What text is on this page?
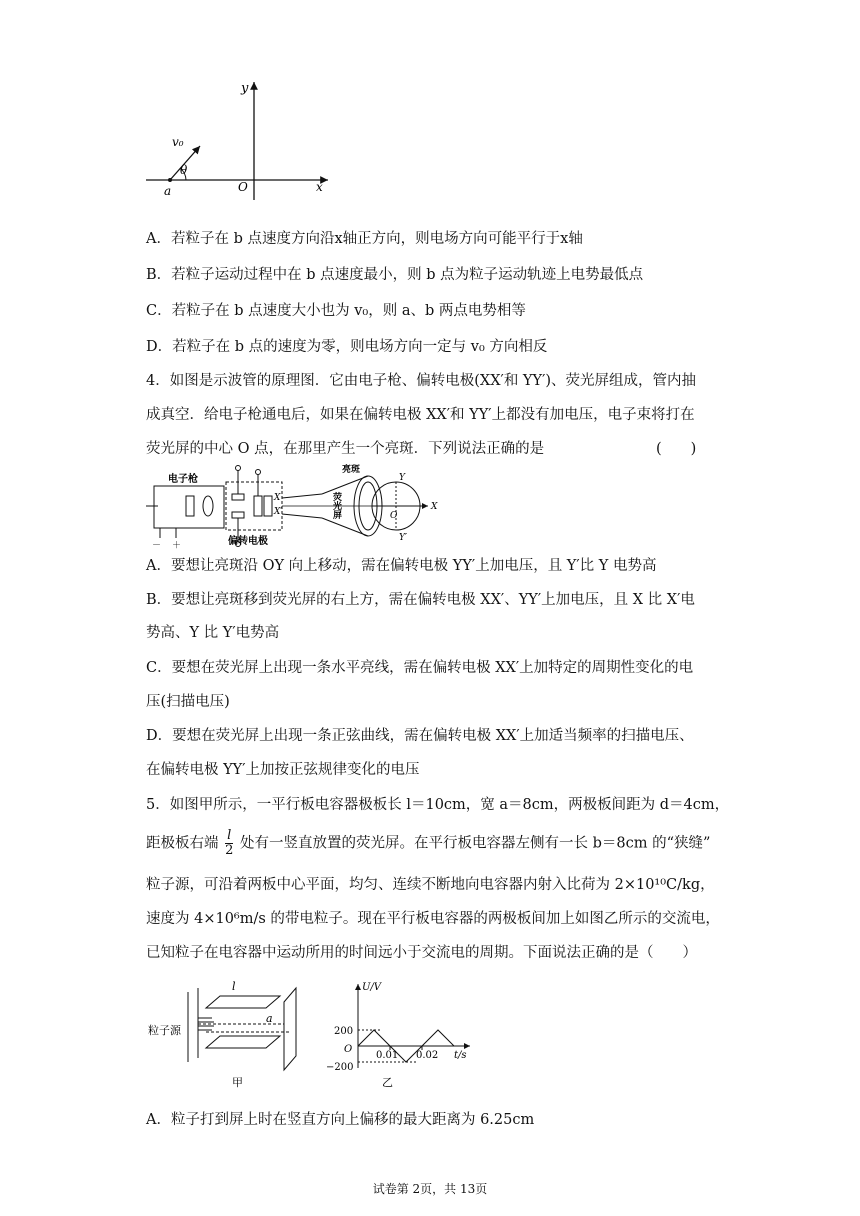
y
x
v₀
θ
a	O
A．若粒子在 b 点速度方向沿x轴正方向，则电场方向可能平行于x轴
B．若粒子运动过程中在 b 点速度最小，则 b 点为粒子运动轨迹上电势最低点
C．若粒子在 b 点速度大小也为 v₀，则 a、b 两点电势相等
D．若粒子在 b 点的速度为零，则电场方向一定与 v₀ 方向相反
4．如图是示波管的原理图．它由电子枪、偏转电极(XX′和 YY′)、荧光屏组成，管内抽
成真空．给电子枪通电后，如果在偏转电极 XX′和 YY′上都没有加电压，电子束将打在
荧光屏的中心 O 点，在那里产生一个亮斑．下列说法正确的是	(　　)
电子枪
－ ＋	偏转电极
X
X′
亮斑
荧光屏
Y
Y′
X
O
A．要想让亮斑沿 OY 向上移动，需在偏转电极 YY′上加电压，且 Y′比 Y 电势高
B．要想让亮斑移到荧光屏的右上方，需在偏转电极 XX′、YY′上加电压，且 X 比 X′电
势高、Y 比 Y′电势高
C．要想在荧光屏上出现一条水平亮线，需在偏转电极 XX′上加特定的周期性变化的电
压(扫描电压)
D．要想在荧光屏上出现一条正弦曲线，需在偏转电极 XX′上加适当频率的扫描电压、
在偏转电极 YY′上加按正弦规律变化的电压
5．如图甲所示，一平行板电容器极板长 l＝10cm，宽 a＝8cm，两极板间距为 d＝4cm，
距极板右端 $\frac{l}{2}$ 处有一竖直放置的荧光屏。在平行板电容器左侧有一长 b＝8cm 的“狭缝”
粒子源，可沿着两板中心平面，均匀、连续不断地向电容器内射入比荷为 2×10¹⁰C/kg，
速度为 4×10⁶m/s 的带电粒子。现在平行板电容器的两极板间加上如图乙所示的交流电，
已知粒子在电容器中运动所用的时间远小于交流电的周期。下面说法正确的是（　　）
l
a
粒子源
甲
U/V
200
−200
O
0.01 0.02 t/s
乙
A．粒子打到屏上时在竖直方向上偏移的最大距离为 6.25cm
试卷第 2页，共 13页
